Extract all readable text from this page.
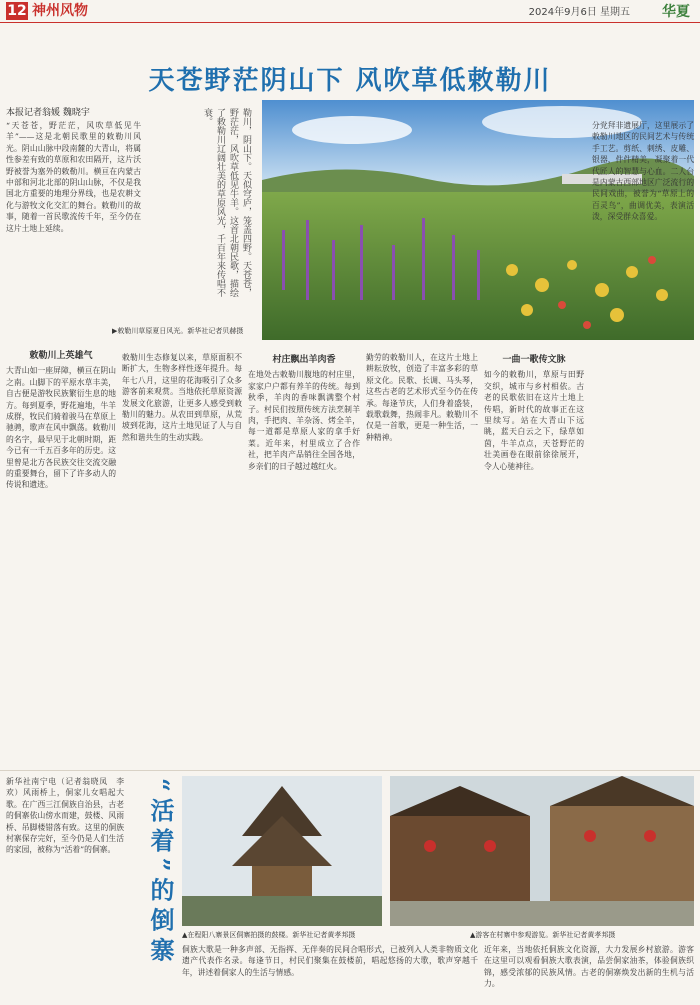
12 神州风物	2024年9月6日 星期五 华夏
天苍野茫阴山下 风吹草低敕勒川
本报记者翁媛 魏晓宇
“天苍苍，野茫茫，风吹草低见牛羊”——这是北朝民歌里的敕勒川风光。阴山山脉中段南麓的大青山，将属性参差有致的草原和农田隔开，这片沃野被誉为塞外的敕勒川。横亘在内蒙古中部和河北北部的阴山山脉，不仅是我国北方重要的地理分界线，也是农耕文化与游牧文化交汇的舞台。敕勒川的故事，随着一首民歌流传千年，至今仍在这片土地上延续。	勒川，阴山下。天似穹庐，笼盖四野。天苍苍，野茫茫，风吹草低见牛羊。这首北朝民歌，描绘了敕勒川辽阔壮美的草原风光，千百年来传唱不衰。
▶敕勒川草原夏日风光。新华社记者贝赫摄
敕勒川上英雄气
大青山如一座屏障，横亘在阴山之南。山脚下的平原水草丰美，自古便是游牧民族繁衍生息的地方。每到夏季，野花遍地，牛羊成群，牧民们骑着骏马在草原上驰骋，歌声在风中飘荡。敕勒川的名字，最早见于北朝时期，距今已有一千五百多年的历史。这里曾是北方各民族交往交流交融的重要舞台，留下了许多动人的传说和遗迹。
敕勒川生态修复以来，草原面积不断扩大，生物多样性逐年提升。每年七八月，这里的花海吸引了众多游客前来观赏。当地依托草原资源发展文化旅游，让更多人感受到敕勒川的魅力。从农田到草原，从荒坡到花海，这片土地见证了人与自然和谐共生的生动实践。
村庄飘出羊肉香
在地处古敕勒川腹地的村庄里，家家户户都有养羊的传统。每到秋季，羊肉的香味飘满整个村子。村民们按照传统方法烹制羊肉，手把肉、羊杂汤、烤全羊，每一道都是草原人家的拿手好菜。近年来，村里成立了合作社，把羊肉产品销往全国各地，乡亲们的日子越过越红火。
勤劳的敕勒川人，在这片土地上耕耘放牧，创造了丰富多彩的草原文化。民歌、长调、马头琴，这些古老的艺术形式至今仍在传承。每逢节庆，人们身着盛装，载歌载舞，热闹非凡。敕勒川不仅是一首歌，更是一种生活，一种精神。
一曲一歌传文脉
如今的敕勒川，草原与田野交织，城市与乡村相依。古老的民歌依旧在这片土地上传唱，新时代的故事正在这里续写。站在大青山下远眺，蓝天白云之下，绿草如茵，牛羊点点，天苍野茫的壮美画卷在眼前徐徐展开，令人心驰神往。
分党拜非遗展厅，这里展示了敕勒川地区的民间艺术与传统手工艺。剪纸、刺绣、皮雕、银器，件件精美，凝聚着一代代匠人的智慧与心血。二人台是内蒙古西部地区广泛流行的民间戏曲，被誉为“草原上的百灵鸟”，曲调优美，表演活泼，深受群众喜爱。
新华社南宁电（记者翁晓凤　李欢）风雨桥上，侗家儿女唱起大歌。在广西三江侗族自治县，古老的侗寨依山傍水而建，鼓楼、风雨桥、吊脚楼错落有致。这里的侗族村寨保存完好，至今仍是人们生活的家园，被称为“活着”的侗寨。	“活着”的倒寨	▲在程阳八寨景区侗寨拍摄的鼓楼。新华社记者黄孝邦摄	▲游客在村寨中参观游览。新华社记者黄孝邦摄
侗族大歌是一种多声部、无指挥、无伴奏的民间合唱形式，已被列入人类非物质文化遗产代表作名录。每逢节日，村民们聚集在鼓楼前，唱起悠扬的大歌，歌声穿越千年，讲述着侗家人的生活与情感。
近年来，当地依托侗族文化资源，大力发展乡村旅游。游客在这里可以观看侗族大歌表演，品尝侗家油茶，体验侗族织锦，感受浓郁的民族风情。古老的侗寨焕发出新的生机与活力。
